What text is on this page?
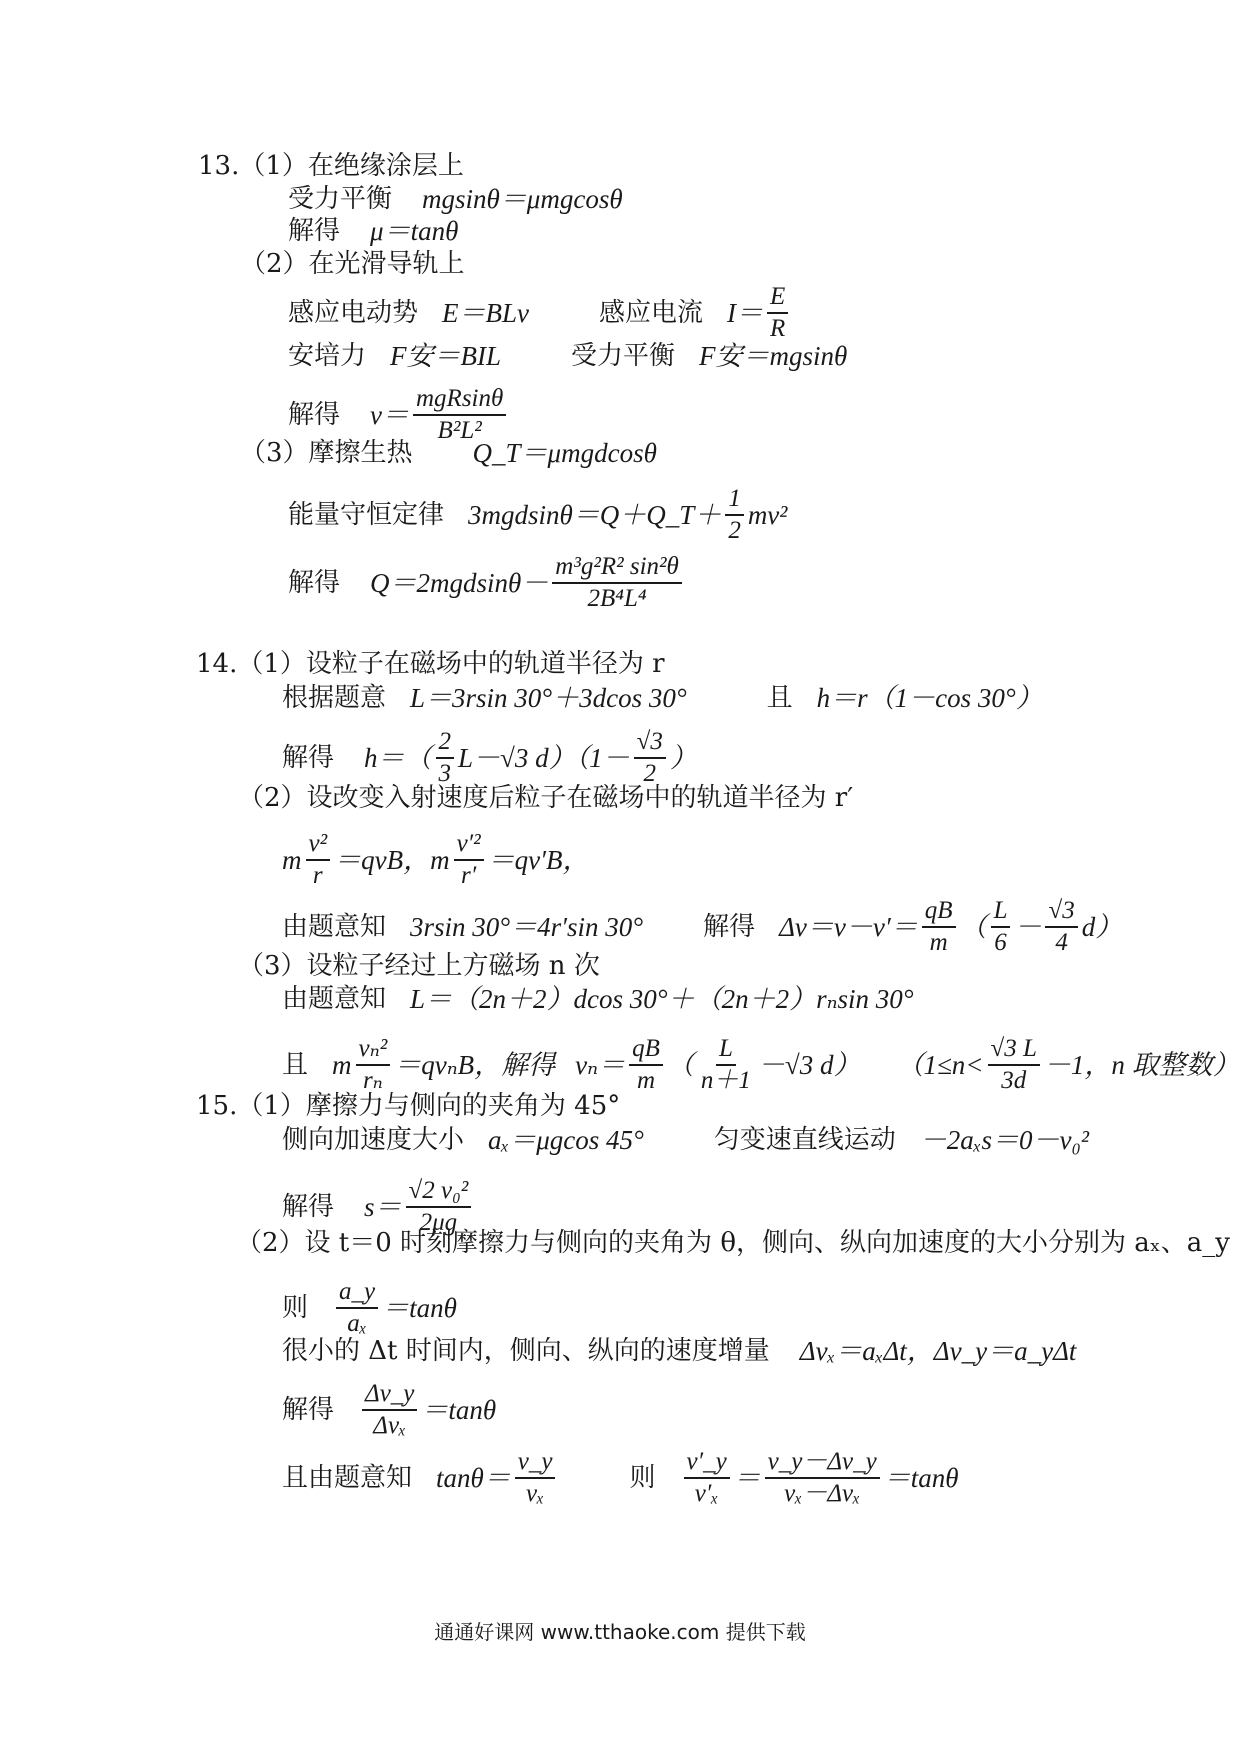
13.（1）在绝缘涂层上
受力平衡 mgsinθ＝μmgcosθ
解得 μ＝tanθ
（2）在光滑导轨上
感应电动势 E＝BLv	感应电流 $I= \frac{E}{R}$
安培力 F安＝BIL	受力平衡 F安＝mgsinθ
解得 $v= \frac{\text{mgRsinθ}}{\text{B²L²}}$
（3）摩擦生热 Q_T＝μmgdcosθ
能量守恒定律 3mgdsinθ＝Q＋Q_T＋ $\frac{1}{2} mv^2$
解得 $Q=2mgdsin\theta- \frac{\text{m³g²R² sin²θ}}{\text{2B⁴L⁴}}$
14.（1）设粒子在磁场中的轨道半径为 r
根据题意 L＝3rsin 30°＋3dcos 30°	且 h＝r（1－cos 30°）
解得 $h=( \frac{2}{3} L-√3$ $d)(1- \frac{√3}{2}$ ）
（2）设改变入射速度后粒子在磁场中的轨道半径为 r′
m $\frac{\text{v²}}{r} =qvB$，m $\frac{\text{v′²}}{r'} =qv'B$，
由题意知 3rsin 30°＝4r′sin 30° 解得 $\Delta v=v-v'= \frac{qB}{m}$ （ $\frac{L}{6} - \frac{√3}{4} d$）
（3）设粒子经过上方磁场 n 次
由题意知 L＝（2n＋2）dcos 30°＋（2n＋2）rₙsin 30°
且 m $\frac{\text{vₙ²}}{\text{rₙ}} =qv_nB$，解得 $v_n= \frac{qB}{m}$ （ $\frac{L}{n+1} -√3$ d） （$1\le n< \frac{√3 L}{3d} -1$，n 取整数）
15.（1）摩擦力与侧向的夹角为 45°
侧向加速度大小 aₓ＝μgcos 45°	匀变速直线运动 －2aₓs＝0－v₀²
解得 $s= \frac{\text{√2 v₀²}}{2\mu g}$
（2）设 t＝0 时刻摩擦力与侧向的夹角为 θ，侧向、纵向加速度的大小分别为 aₓ、a_y
则 $\frac{a\_y}{\text{aₓ}} =\tan\theta$
很小的 Δt 时间内，侧向、纵向的速度增量 Δvₓ＝aₓΔt，Δv_y＝a_yΔt
解得 $\frac{\Delta v\_y}{\text{Δvₓ}} =\tan\theta$
且由题意知 $\tan\theta= \frac{v\_y}{\text{vₓ}}$	则 $\frac{v'\_y}{\text{v′ₓ}} = \frac{v\_y-\Delta v\_y}{\text{vₓ－Δvₓ}} =\tan\theta$
通通好课网 www.tthaoke.com 提供下载
